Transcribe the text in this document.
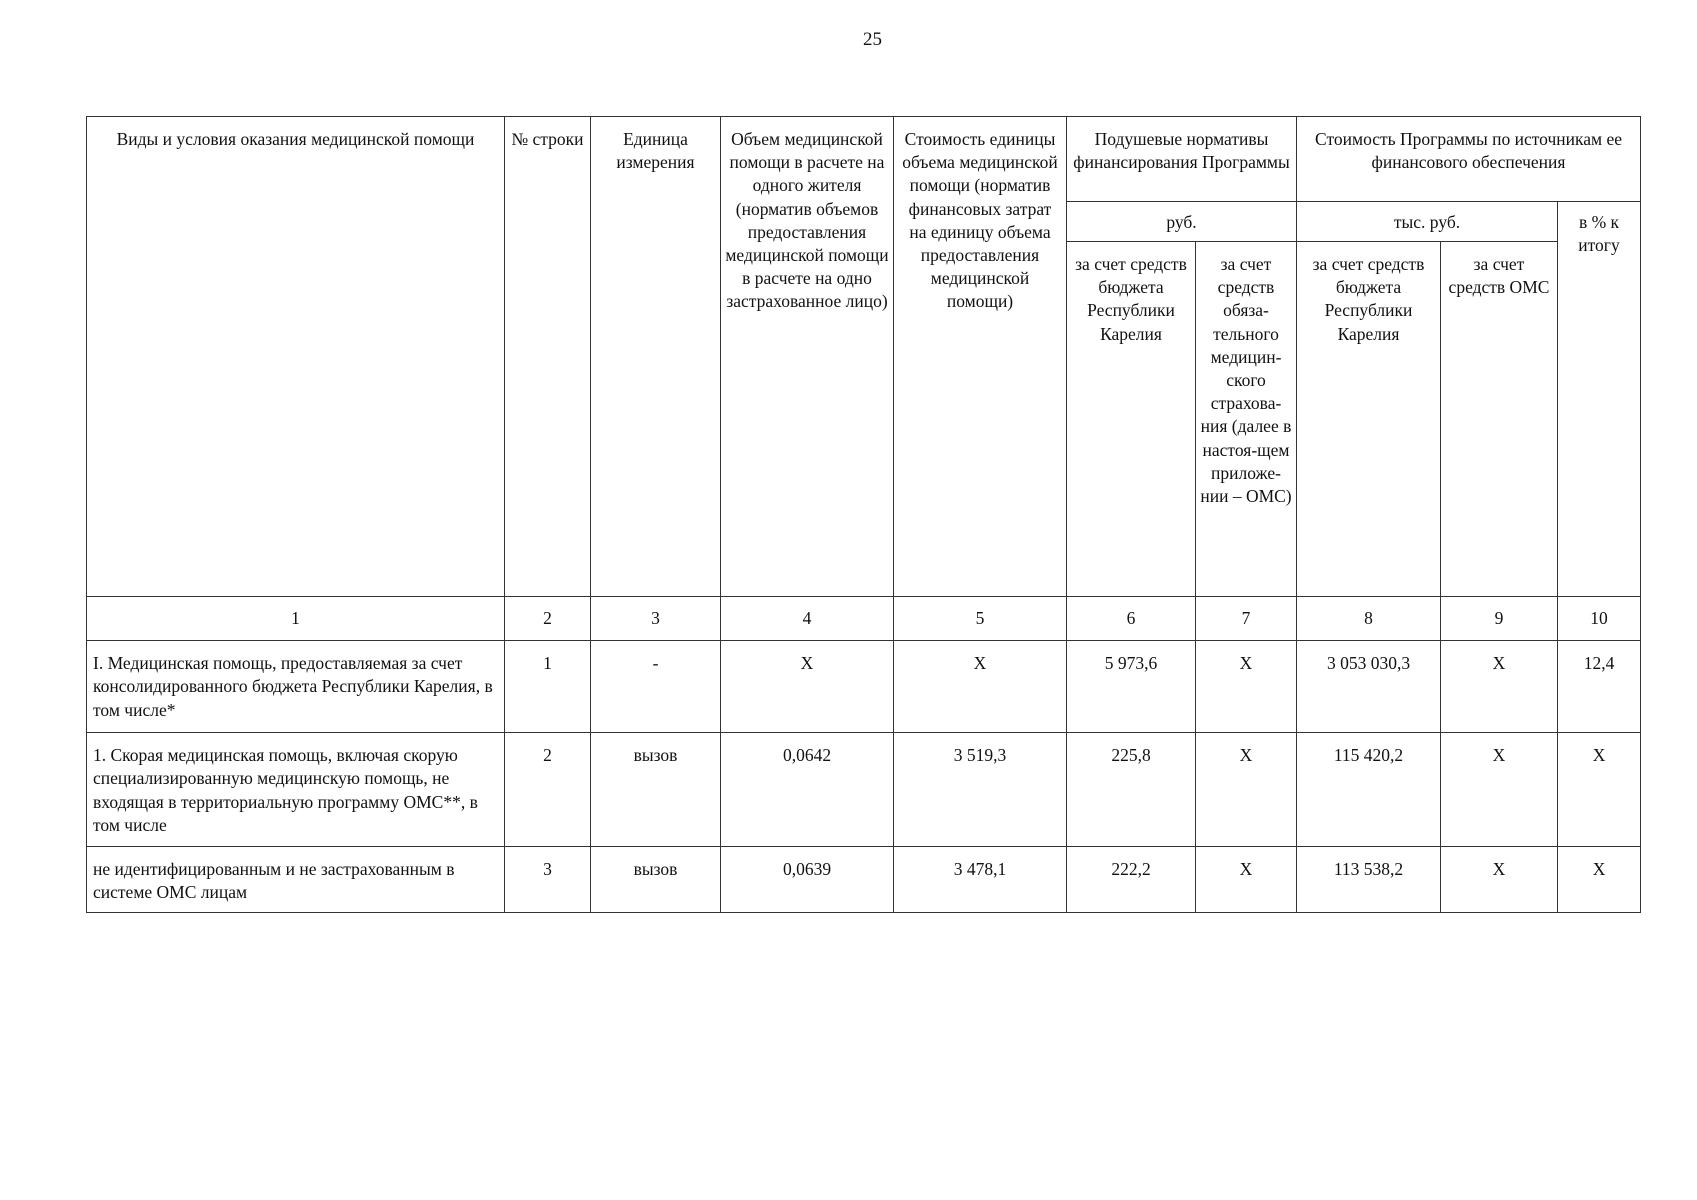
25
Виды и условия оказания медицинской помощи	№ строки	Единица измерения	Объем медицинской помощи в расчете на одного жителя (норматив объемов предоставления медицинской помощи в расчете на одно застрахованное лицо)	Стоимость единицы объема медицинской помощи (норматив финансовых затрат на единицу объема предоставления медицинской помощи)	Подушевые нормативы финансирования Программы		Стоимость Программы по источникам ее финансового обеспечения		
					руб.		тыс. руб.		в % к итогу
					за счет средств бюджета Республики Карелия	за счет средств обяза-тельного медицин-ского страхова-ния (далее в настоя-щем приложе-нии – ОМС)	за счет средств бюджета Республики Карелия	за счет средств ОМС	
1	2	3	4	5	6	7	8	9	10
I. Медицинская помощь, предоставляемая за счет консолидированного бюджета Республики Карелия, в том числе*	1	-	Х	Х	5 973,6	Х	3 053 030,3	Х	12,4
1. Скорая медицинская помощь, включая скорую специализированную медицинскую помощь, не входящая в территориальную программу ОМС**, в том числе	2	вызов	0,0642	3 519,3	225,8	Х	115 420,2	Х	Х
не идентифицированным и не застрахованным в системе ОМС лицам	3	вызов	0,0639	3 478,1	222,2	Х	113 538,2	Х	Х
